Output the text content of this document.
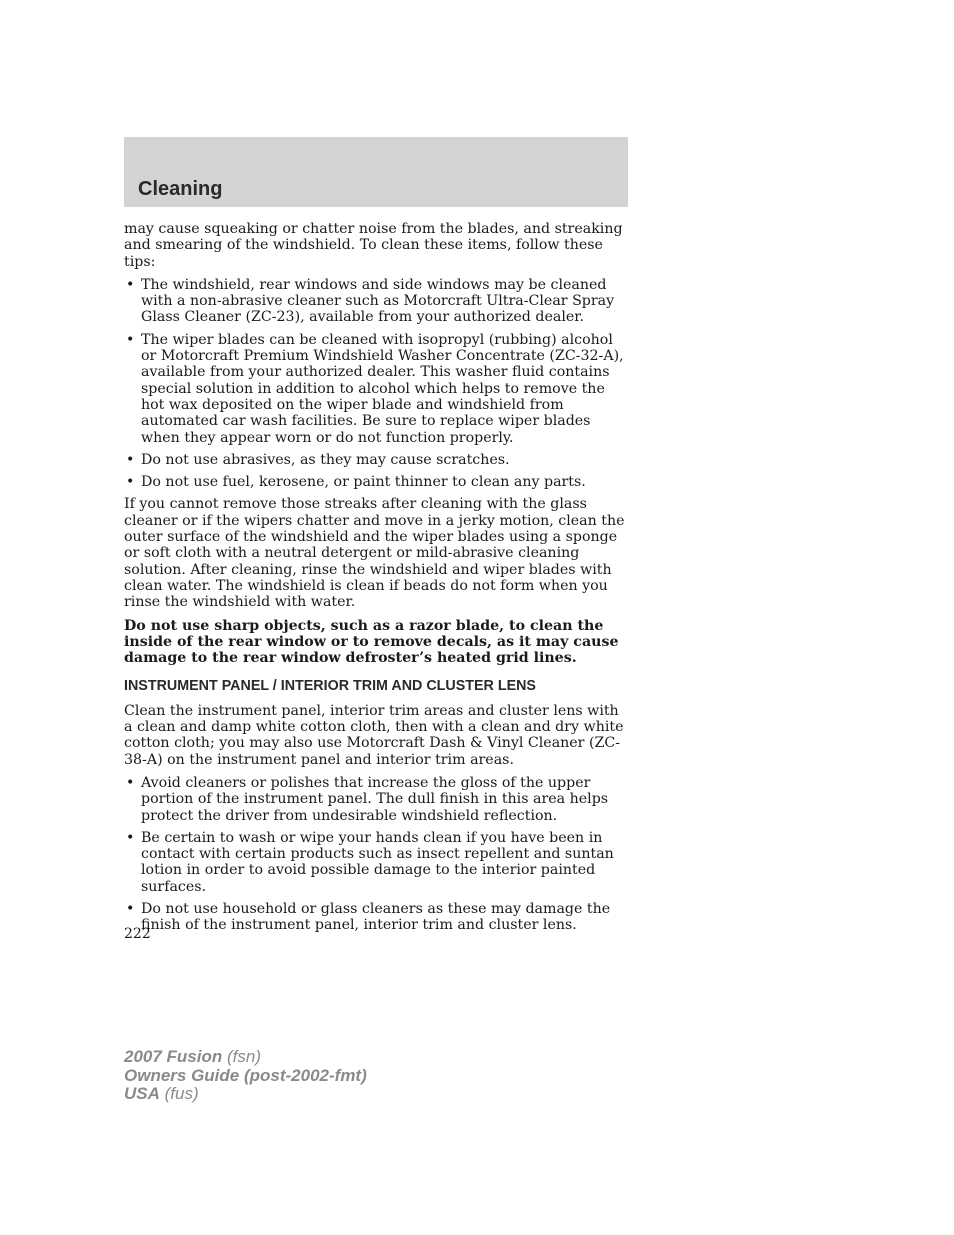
Cleaning

may cause squeaking or chatter noise from the blades, and streaking and smearing of the windshield. To clean these items, follow these tips:

• The windshield, rear windows and side windows may be cleaned with a non-abrasive cleaner such as Motorcraft Ultra-Clear Spray Glass Cleaner (ZC-23), available from your authorized dealer.
• The wiper blades can be cleaned with isopropyl (rubbing) alcohol or Motorcraft Premium Windshield Washer Concentrate (ZC-32-A), available from your authorized dealer. This washer fluid contains special solution in addition to alcohol which helps to remove the hot wax deposited on the wiper blade and windshield from automated car wash facilities. Be sure to replace wiper blades when they appear worn or do not function properly.
• Do not use abrasives, as they may cause scratches.
• Do not use fuel, kerosene, or paint thinner to clean any parts.

If you cannot remove those streaks after cleaning with the glass cleaner or if the wipers chatter and move in a jerky motion, clean the outer surface of the windshield and the wiper blades using a sponge or soft cloth with a neutral detergent or mild-abrasive cleaning solution. After cleaning, rinse the windshield and wiper blades with clean water. The windshield is clean if beads do not form when you rinse the windshield with water.

Do not use sharp objects, such as a razor blade, to clean the inside of the rear window or to remove decals, as it may cause damage to the rear window defroster’s heated grid lines.

INSTRUMENT PANEL / INTERIOR TRIM AND CLUSTER LENS

Clean the instrument panel, interior trim areas and cluster lens with a clean and damp white cotton cloth, then with a clean and dry white cotton cloth; you may also use Motorcraft Dash & Vinyl Cleaner (ZC-38-A) on the instrument panel and interior trim areas.

• Avoid cleaners or polishes that increase the gloss of the upper portion of the instrument panel. The dull finish in this area helps protect the driver from undesirable windshield reflection.
• Be certain to wash or wipe your hands clean if you have been in contact with certain products such as insect repellent and suntan lotion in order to avoid possible damage to the interior painted surfaces.
• Do not use household or glass cleaners as these may damage the finish of the instrument panel, interior trim and cluster lens.
222
2007 Fusion (fsn)
Owners Guide (post-2002-fmt)
USA (fus)
